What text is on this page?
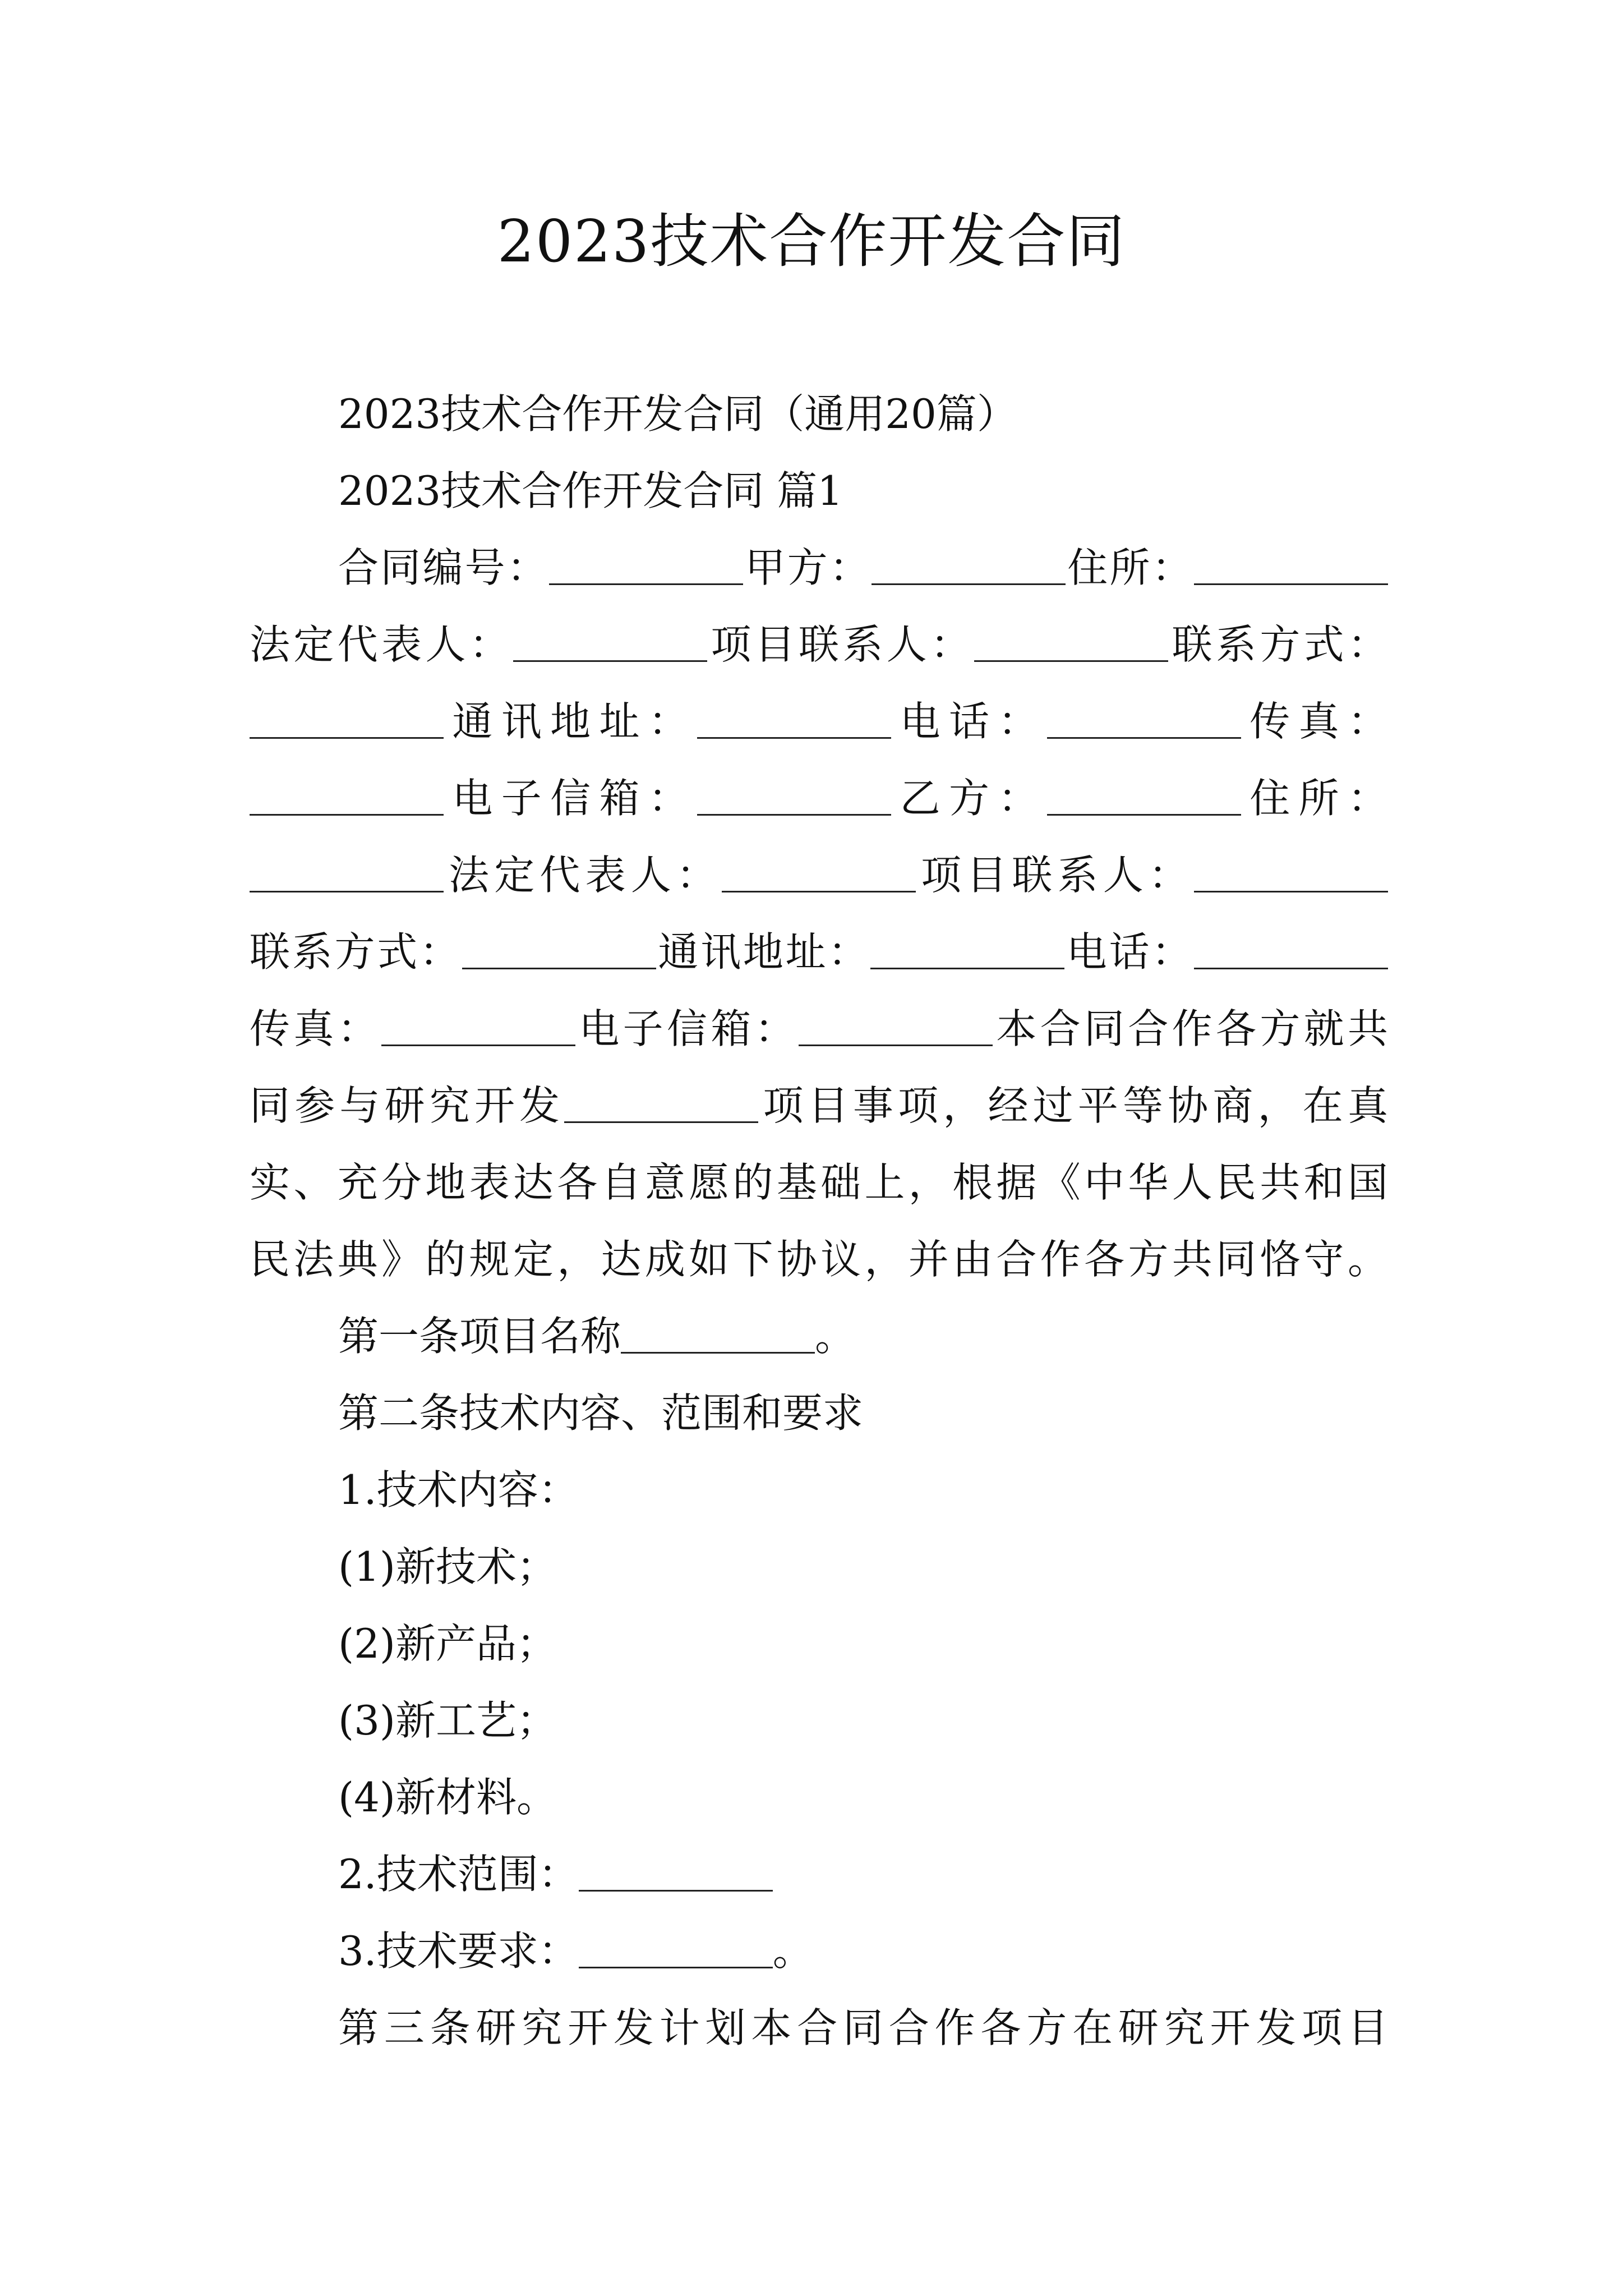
2023技术合作开发合同
2023技术合作开发合同（通用20篇）
2023技术合作开发合同 篇1
合同编号：	甲方：	住所：
法定代表人：	项目联系人：	联系方式：
通讯地址：	电话：	传真：
电子信箱：	乙方：	住所：
法定代表人：	项目联系人：
联系方式：	通讯地址：	电话：
传真：	电子信箱：	本合同合作各方就共
同参与研究开发	项目事项，经过平等协商，在真
实、充分地表达各自意愿的基础上，根据《中华人民共和国
民法典》的规定，达成如下协议，并由合作各方共同恪守。
第一条项目名称	。
第二条技术内容、范围和要求
1.技术内容：
(1)新技术；
(2)新产品；
(3)新工艺；
(4)新材料。
2.技术范围：
3.技术要求：	。
第三条研究开发计划本合同合作各方在研究开发项目
